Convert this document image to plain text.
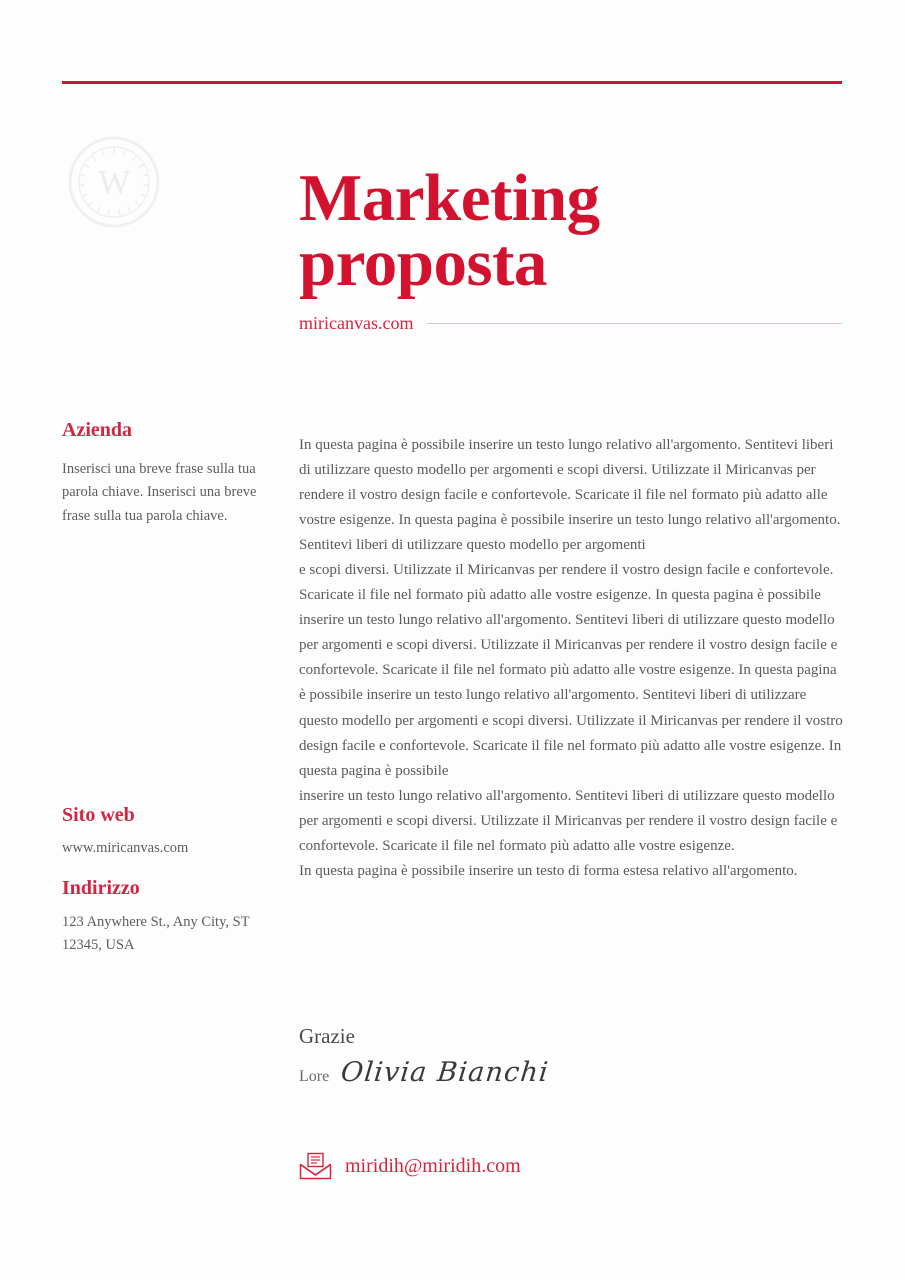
W	Marketing
proposta
miricanvas.com
Azienda

Inserisci una breve frase sulla tua parola chiave. Inserisci una breve frase sulla tua parola chiave.

Sito web

www.miricanvas.com

Indirizzo

123 Anywhere St., Any City, ST 12345, USA

In questa pagina è possibile inserire un testo lungo relativo all'argomento. Sentitevi liberi di utilizzare questo modello per argomenti e scopi diversi. Utilizzate il Miricanvas per rendere il vostro design facile e confortevole. Scaricate il file nel formato più adatto alle vostre esigenze. In questa pagina è possibile inserire un testo lungo relativo all'argomento. Sentitevi liberi di utilizzare questo modello per argomenti

e scopi diversi. Utilizzate il Miricanvas per rendere il vostro design facile e confortevole. Scaricate il file nel formato più adatto alle vostre esigenze. In questa pagina è possibile inserire un testo lungo relativo all'argomento. Sentitevi liberi di utilizzare questo modello per argomenti e scopi diversi. Utilizzate il Miricanvas per rendere il vostro design facile e confortevole. Scaricate il file nel formato più adatto alle vostre esigenze. In questa pagina è possibile inserire un testo lungo relativo all'argomento. Sentitevi liberi di utilizzare questo modello per argomenti e scopi diversi. Utilizzate il Miricanvas per rendere il vostro design facile e confortevole. Scaricate il file nel formato più adatto alle vostre esigenze. In questa pagina è possibile

inserire un testo lungo relativo all'argomento. Sentitevi liberi di utilizzare questo modello per argomenti e scopi diversi. Utilizzate il Miricanvas per rendere il vostro design facile e confortevole. Scaricate il file nel formato più adatto alle vostre esigenze.

In questa pagina è possibile inserire un testo di forma estesa relativo all'argomento.

Grazie

Lore Olivia Bianchi
miridih@miridih.com
